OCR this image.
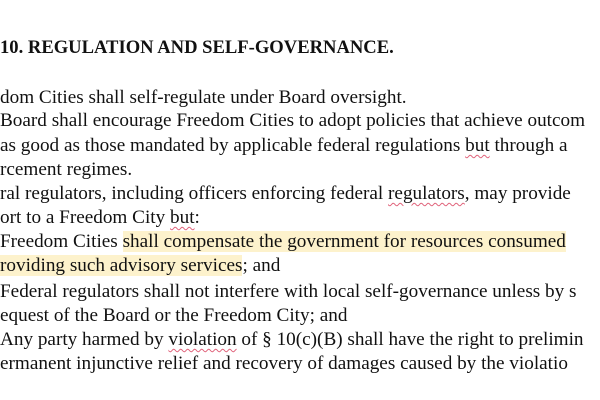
10. REGULATION AND SELF-GOVERNANCE.
dom Cities shall self-regulate under Board oversight.
Board shall encourage Freedom Cities to adopt policies that achieve outcom
as good as those mandated by applicable federal regulations but through a
rcement regimes.
ral regulators, including officers enforcing federal regulators, may provide
ort to a Freedom City but:
Freedom Cities shall compensate the government for resources consumed
roviding such advisory services; and
Federal regulators shall not interfere with local self-governance unless by s
equest of the Board or the Freedom City; and
Any party harmed by violation of § 10(c)(B) shall have the right to prelimin
ermanent injunctive relief and recovery of damages caused by the violatio
